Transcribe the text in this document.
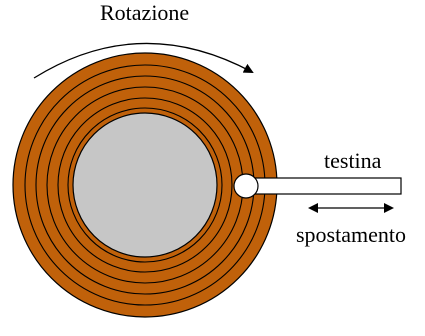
Rotazione
testina
spostamento
